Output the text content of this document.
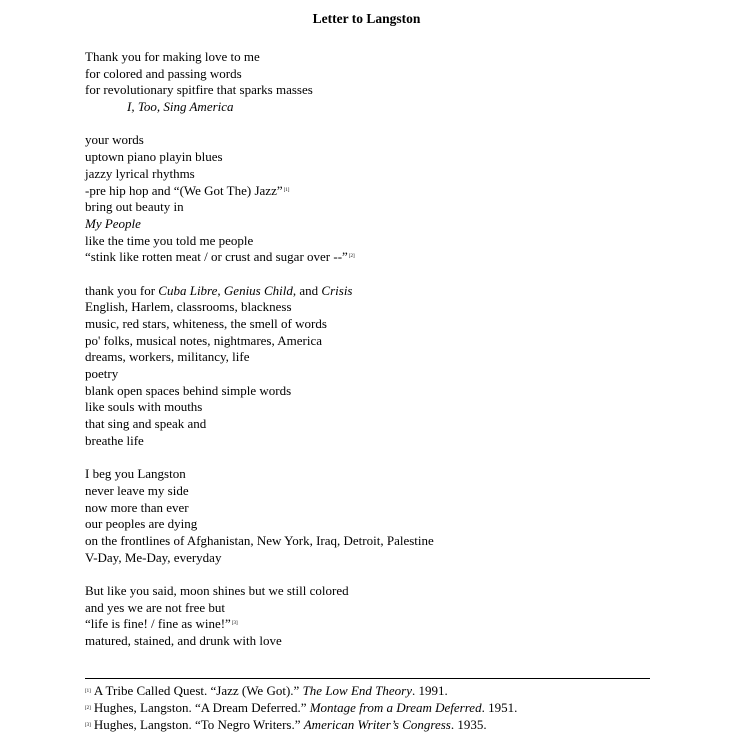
Letter to Langston
Thank you for making love to me
for colored and passing words
for revolutionary spitfire that sparks masses
I, Too, Sing America
your words
uptown piano playin blues
jazzy lyrical rhythms
-pre hip hop and “(We Got The) Jazz”[1]
bring out beauty in
My People
like the time you told me people
“stink like rotten meat / or crust and sugar over --”[2]
thank you for Cuba Libre, Genius Child, and Crisis
English, Harlem, classrooms, blackness
music, red stars, whiteness, the smell of words
po' folks, musical notes, nightmares, America
dreams, workers, militancy, life
poetry
blank open spaces behind simple words
like souls with mouths
that sing and speak and
breathe life
I beg you Langston
never leave my side
now more than ever
our peoples are dying
on the frontlines of Afghanistan, New York, Iraq, Detroit, Palestine
V-Day, Me-Day, everyday
But like you said, moon shines but we still colored
and yes we are not free but
“life is fine! / fine as wine!”[3]
matured, stained, and drunk with love
[1] A Tribe Called Quest. “Jazz (We Got).” The Low End Theory. 1991.
[2] Hughes, Langston. “A Dream Deferred.” Montage from a Dream Deferred. 1951.
[3] Hughes, Langston. “To Negro Writers.” American Writer’s Congress. 1935.
